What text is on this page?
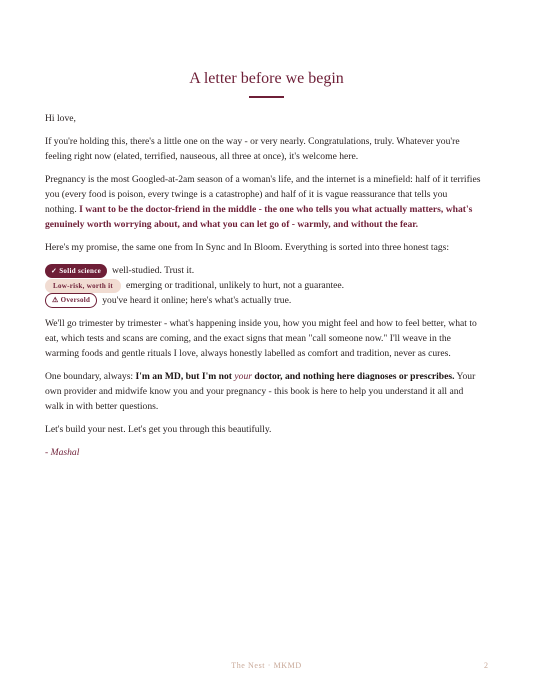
A letter before we begin

Hi love,

If you're holding this, there's a little one on the way - or very nearly. Congratulations, truly. Whatever you're feeling right now (elated, terrified, nauseous, all three at once), it's welcome here.

Pregnancy is the most Googled-at-2am season of a woman's life, and the internet is a minefield: half of it terrifies you (every food is poison, every twinge is a catastrophe) and half of it is vague reassurance that tells you nothing. I want to be the doctor-friend in the middle - the one who tells you what actually matters, what's genuinely worth worrying about, and what you can let go of - warmly, and without the fear.

Here's my promise, the same one from In Sync and In Bloom. Everything is sorted into three honest tags:

✓ Solid science	well-studied. Trust it.
Low-risk, worth it	emerging or traditional, unlikely to hurt, not a guarantee.
⚠ Oversold	you've heard it online; here's what's actually true.

We'll go trimester by trimester - what's happening inside you, how you might feel and how to feel better, what to eat, which tests and scans are coming, and the exact signs that mean "call someone now." I'll weave in the warming foods and gentle rituals I love, always honestly labelled as comfort and tradition, never as cures.

One boundary, always: I'm an MD, but I'm not your doctor, and nothing here diagnoses or prescribes. Your own provider and midwife know you and your pregnancy - this book is here to help you understand it all and walk in with better questions.

Let's build your nest. Let's get you through this beautifully.

- Mashal

The Nest · MKMD	2
